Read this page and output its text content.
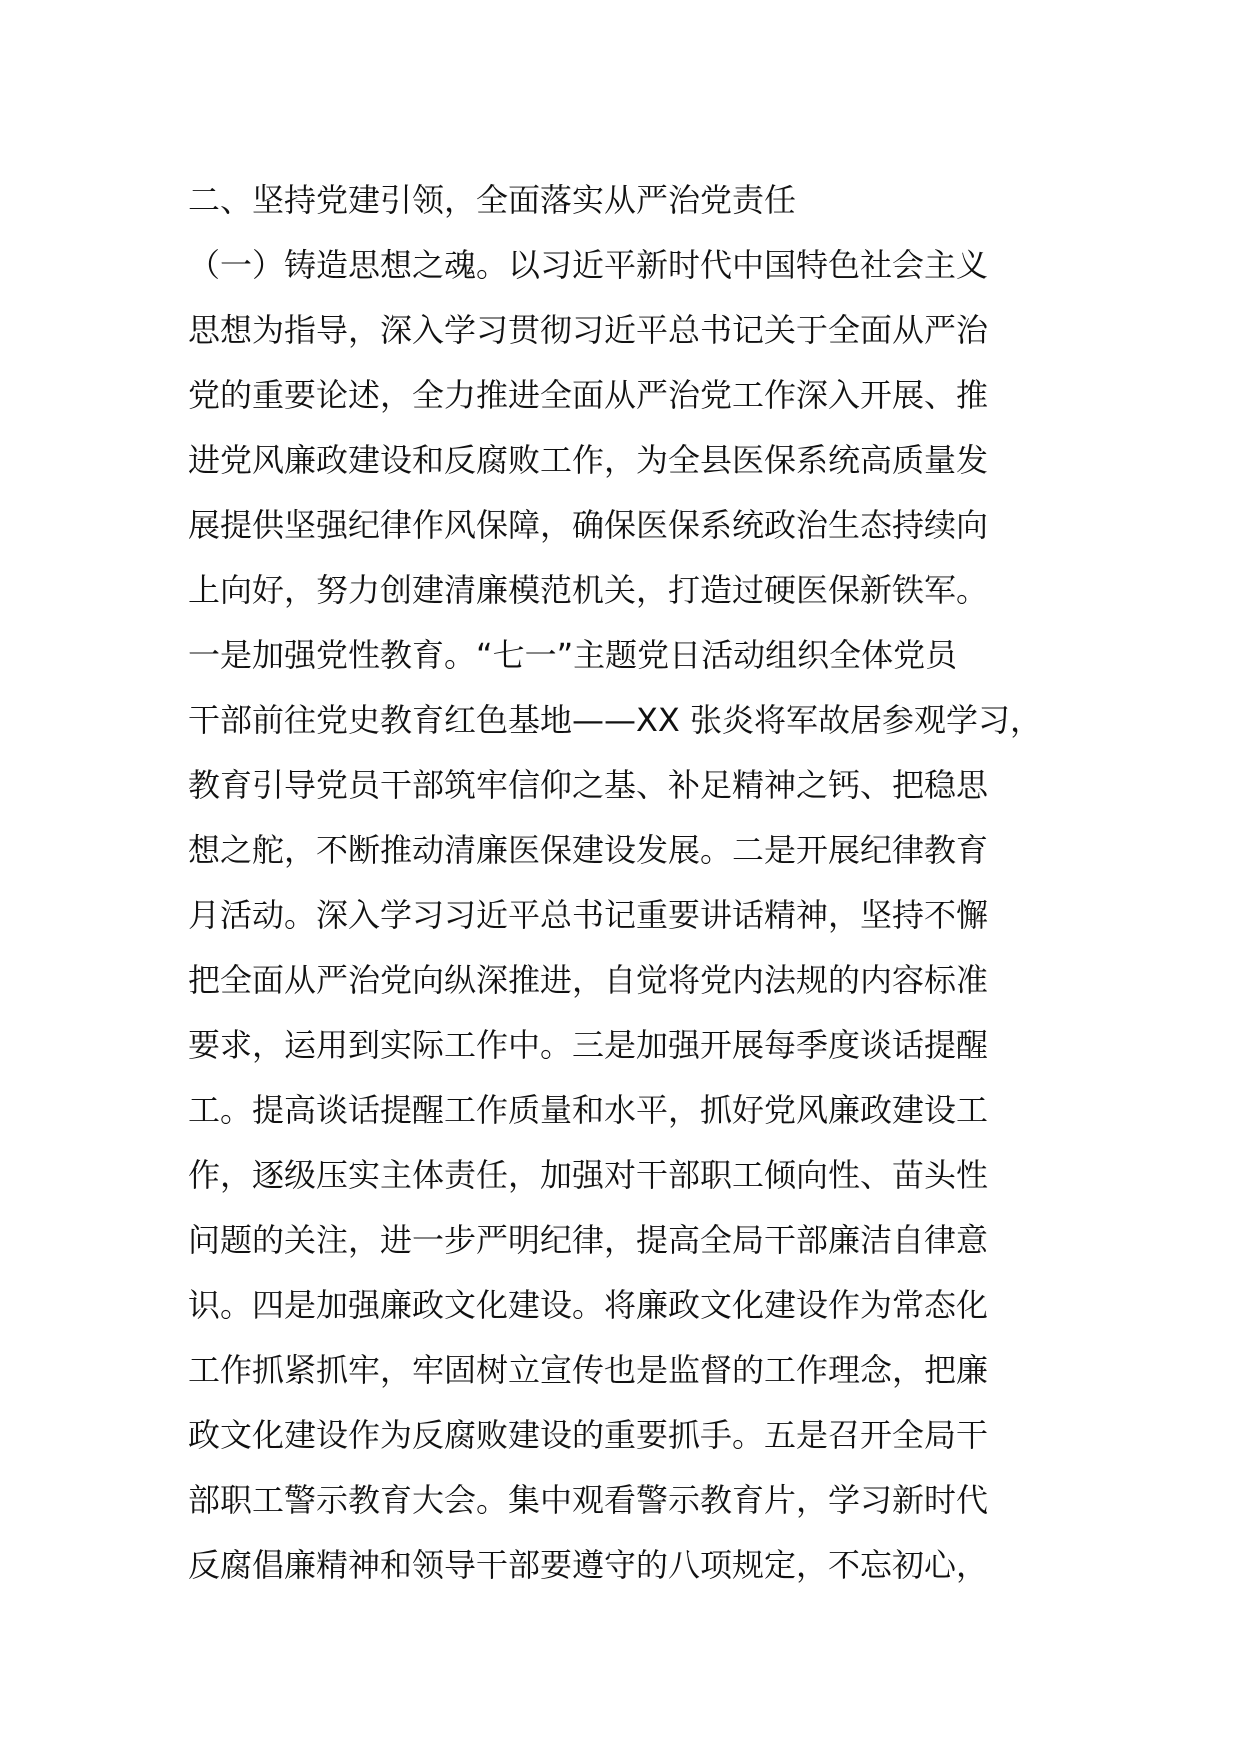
二、坚持党建引领，全面落实从严治党责任
（一）铸造思想之魂。以习近平新时代中国特色社会主义
思想为指导，深入学习贯彻习近平总书记关于全面从严治
党的重要论述，全力推进全面从严治党工作深入开展、推
进党风廉政建设和反腐败工作，为全县医保系统高质量发
展提供坚强纪律作风保障，确保医保系统政治生态持续向
上向好，努力创建清廉模范机关，打造过硬医保新铁军。
一是加强党性教育。“七一”主题党日活动组织全体党员
干部前往党史教育红色基地——XX 张炎将军故居参观学习，
教育引导党员干部筑牢信仰之基、补足精神之钙、把稳思
想之舵，不断推动清廉医保建设发展。二是开展纪律教育
月活动。深入学习习近平总书记重要讲话精神，坚持不懈
把全面从严治党向纵深推进，自觉将党内法规的内容标准
要求，运用到实际工作中。三是加强开展每季度谈话提醒
工。提高谈话提醒工作质量和水平，抓好党风廉政建设工
作，逐级压实主体责任，加强对干部职工倾向性、苗头性
问题的关注，进一步严明纪律，提高全局干部廉洁自律意
识。四是加强廉政文化建设。将廉政文化建设作为常态化
工作抓紧抓牢，牢固树立宣传也是监督的工作理念，把廉
政文化建设作为反腐败建设的重要抓手。五是召开全局干
部职工警示教育大会。集中观看警示教育片，学习新时代
反腐倡廉精神和领导干部要遵守的八项规定，不忘初心，
